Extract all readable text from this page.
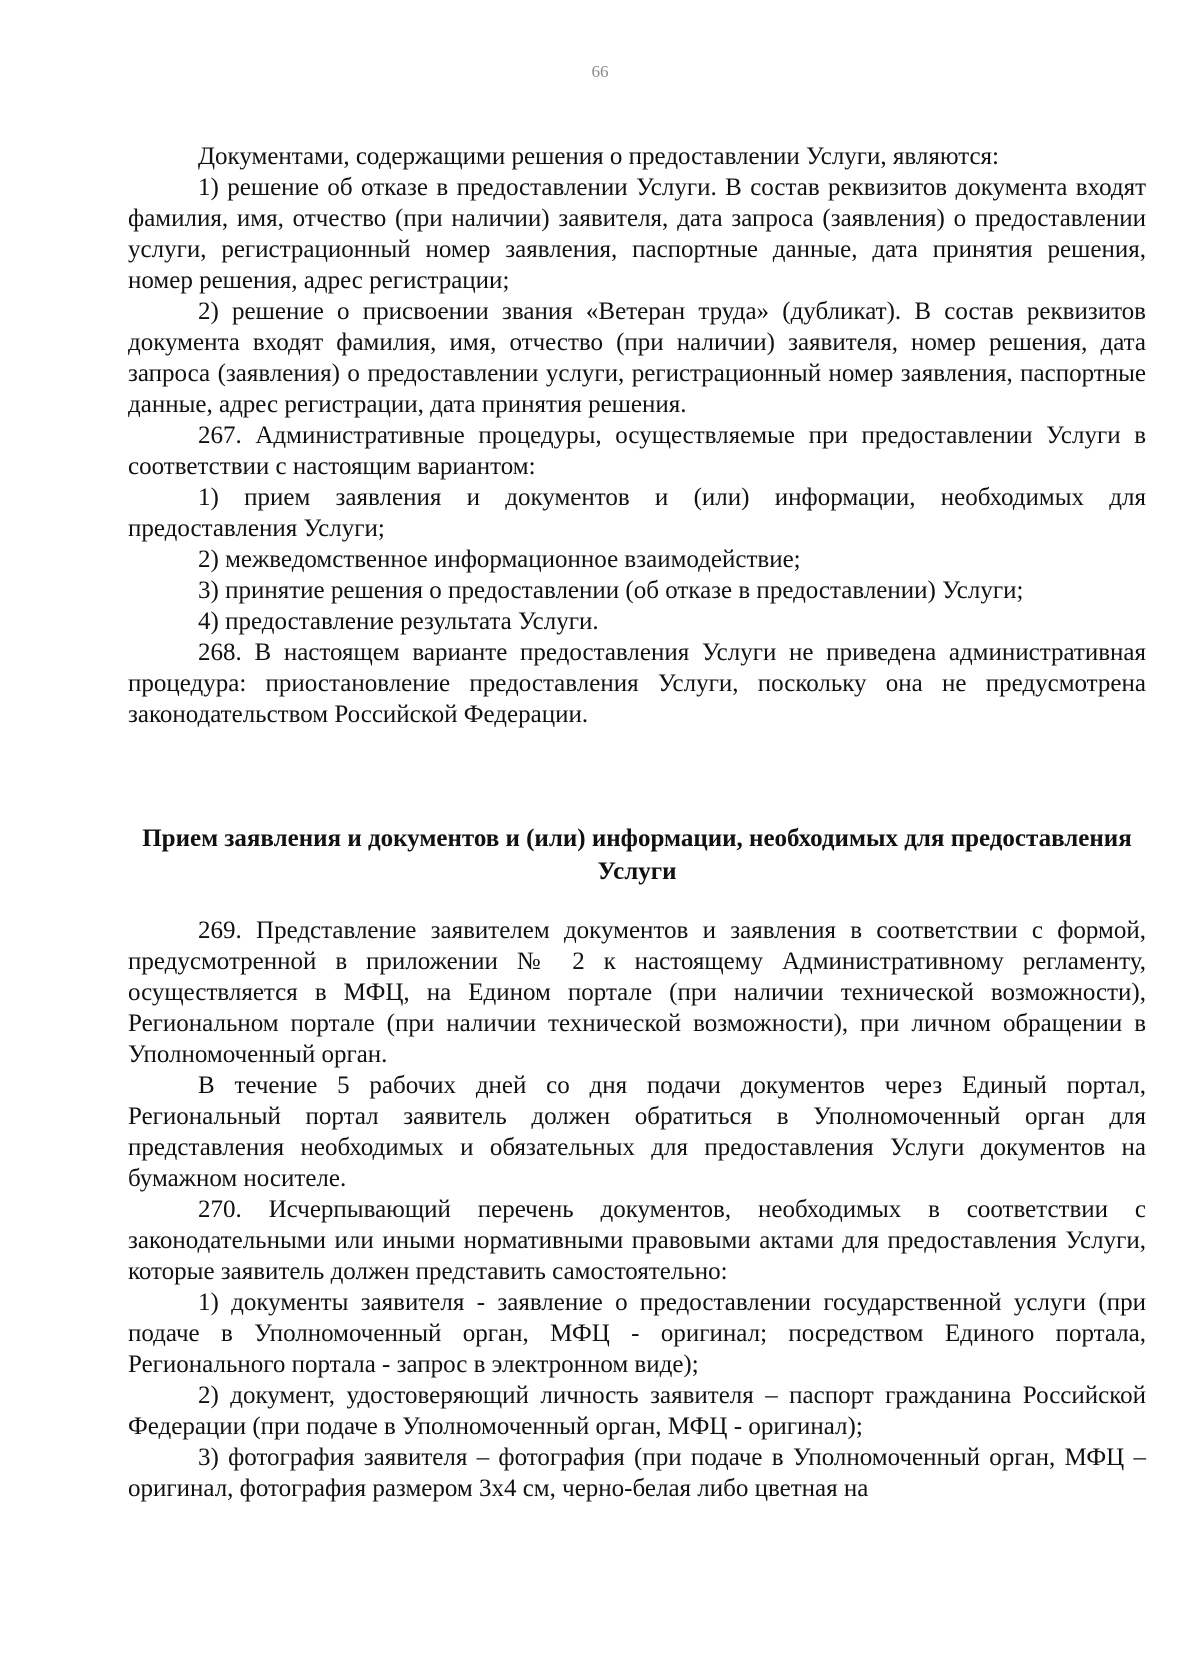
66

Документами, содержащими решения о предоставлении Услуги, являются:

1) решение об отказе в предоставлении Услуги. В состав реквизитов документа входят фамилия, имя, отчество (при наличии) заявителя, дата запроса (заявления) о предоставлении услуги, регистрационный номер заявления, паспортные данные, дата принятия решения, номер решения, адрес регистрации;

2) решение о присвоении звания «Ветеран труда» (дубликат). В состав реквизитов документа входят фамилия, имя, отчество (при наличии) заявителя, номер решения, дата запроса (заявления) о предоставлении услуги, регистрационный номер заявления, паспортные данные, адрес регистрации, дата принятия решения.

267. Административные процедуры, осуществляемые при предоставлении Услуги в соответствии с настоящим вариантом:

1) прием заявления и документов и (или) информации, необходимых для предоставления Услуги;

2) межведомственное информационное взаимодействие;

3) принятие решения о предоставлении (об отказе в предоставлении) Услуги;

4) предоставление результата Услуги.

268. В настоящем варианте предоставления Услуги не приведена административная процедура: приостановление предоставления Услуги, поскольку она не предусмотрена законодательством Российской Федерации.

Прием заявления и документов и (или) информации, необходимых для предоставления Услуги

269. Представление заявителем документов и заявления в соответствии с формой, предусмотренной в приложении № 2 к настоящему Административному регламенту, осуществляется в МФЦ, на Едином портале (при наличии технической возможности), Региональном портале (при наличии технической возможности), при личном обращении в Уполномоченный орган.

В течение 5 рабочих дней со дня подачи документов через Единый портал, Региональный портал заявитель должен обратиться в Уполномоченный орган для представления необходимых и обязательных для предоставления Услуги документов на бумажном носителе.

270. Исчерпывающий перечень документов, необходимых в соответствии с законодательными или иными нормативными правовыми актами для предоставления Услуги, которые заявитель должен представить самостоятельно:

1) документы заявителя - заявление о предоставлении государственной услуги (при подаче в Уполномоченный орган, МФЦ - оригинал; посредством Единого портала, Регионального портала - запрос в электронном виде);

2) документ, удостоверяющий личность заявителя – паспорт гражданина Российской Федерации (при подаче в Уполномоченный орган, МФЦ - оригинал);

3) фотография заявителя – фотография (при подаче в Уполномоченный орган, МФЦ – оригинал, фотография размером 3х4 см, черно-белая либо цветная на
